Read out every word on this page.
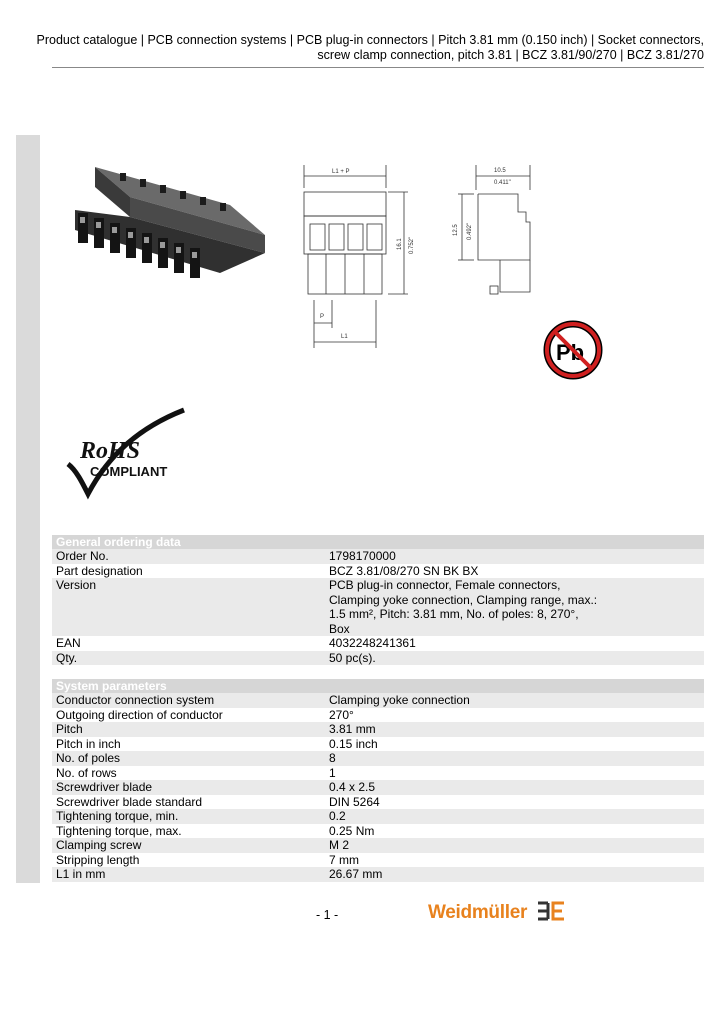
Product catalogue | PCB connection systems | PCB plug-in connectors | Pitch 3.81 mm (0.150 inch) | Socket connectors,
screw clamp connection, pitch 3.81 | BCZ 3.81/90/270 | BCZ 3.81/270
L1 + P
16.1 0.752"
P
L1
10.5
0.411"
12.5 0.492"
Pb
RoHS
COMPLIANT
General ordering data
Order No.	1798170000
Part designation	BCZ 3.81/08/270 SN BK BX
Version	PCB plug-in connector, Female connectors,
Clamping yoke connection, Clamping range, max.:
1.5 mm², Pitch: 3.81 mm, No. of poles: 8, 270°,
Box
EAN	4032248241361
Qty.	50 pc(s).
System parameters
Conductor connection system	Clamping yoke connection
Outgoing direction of conductor	270°
Pitch	3.81 mm
Pitch in inch	0.15 inch
No. of poles	8
No. of rows	1
Screwdriver blade	0.4 x 2.5
Screwdriver blade standard	DIN 5264
Tightening torque, min.	0.2
Tightening torque, max.	0.25 Nm
Clamping screw	M 2
Stripping length	7 mm
L1 in mm	26.67 mm
- 1 -	Weidmüller
